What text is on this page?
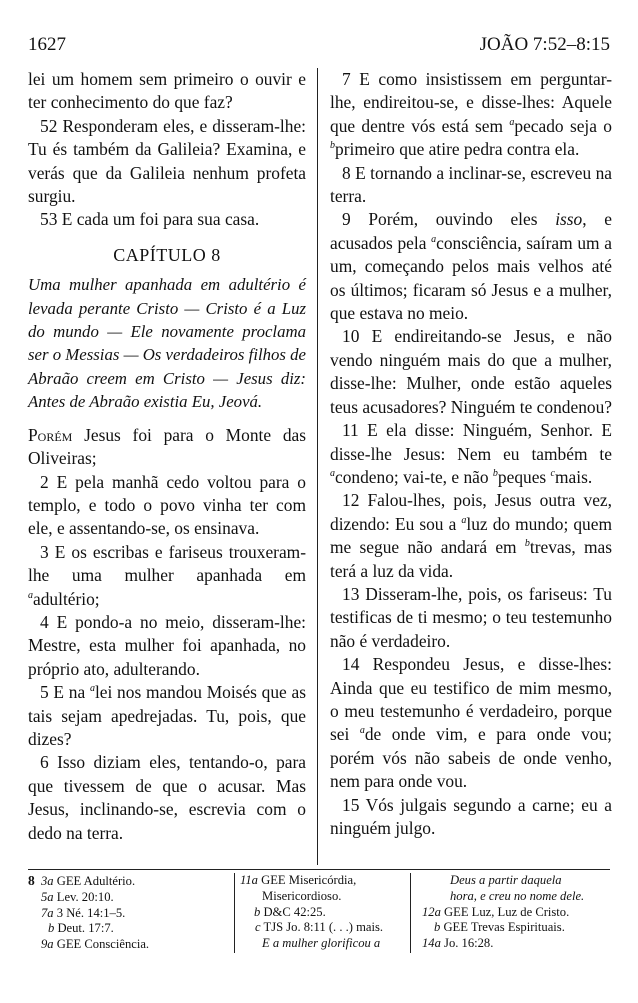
1627	JOÃO 7:52–8:15

lei um homem sem primeiro o ouvir e ter conhecimento do que faz?

52 Responderam eles, e disseram-lhe: Tu és também da Galileia? Examina, e verás que da Galileia nenhum profeta surgiu.

53 E cada um foi para sua casa.

CAPÍTULO 8

Uma mulher apanhada em adultério é levada perante Cristo — Cristo é a Luz do mundo — Ele novamente proclama ser o Messias — Os verdadeiros filhos de Abraão creem em Cristo — Jesus diz: Antes de Abraão existia Eu, Jeová.

Porém Jesus foi para o Monte das Oliveiras;

2 E pela manhã cedo voltou para o templo, e todo o povo vinha ter com ele, e assentando-se, os ensinava.

3 E os escribas e fariseus trouxeram-lhe uma mulher apanhada em $^a$adultério;

4 E pondo-a no meio, disseram-lhe: Mestre, esta mulher foi apanhada, no próprio ato, adulterando.

5 E na $^a$lei nos mandou Moisés que as tais sejam apedrejadas. Tu, pois, que dizes?

6 Isso diziam eles, tentando-o, para que tivessem de que o acusar. Mas Jesus, inclinando-se, escrevia com o dedo na terra.

7 E como insistissem em perguntar-lhe, endireitou-se, e disse-lhes: Aquele que dentre vós está sem $^a$pecado seja o $^b$primeiro que atire pedra contra ela.

8 E tornando a inclinar-se, escreveu na terra.

9 Porém, ouvindo eles isso, e acusados pela $^a$consciência, saíram um a um, começando pelos mais velhos até os últimos; ficaram só Jesus e a mulher, que estava no meio.

10 E endireitando-se Jesus, e não vendo ninguém mais do que a mulher, disse-lhe: Mulher, onde estão aqueles teus acusadores? Ninguém te condenou?

11 E ela disse: Ninguém, Senhor. E disse-lhe Jesus: Nem eu também te $^a$condeno; vai-te, e não $^b$peques $^c$mais.

12 Falou-lhes, pois, Jesus outra vez, dizendo: Eu sou a $^a$luz do mundo; quem me segue não andará em $^b$trevas, mas terá a luz da vida.

13 Disseram-lhe, pois, os fariseus: Tu testificas de ti mesmo; o teu testemunho não é verdadeiro.

14 Respondeu Jesus, e disse-lhes: Ainda que eu testifico de mim mesmo, o meu testemunho é verdadeiro, porque sei $^a$de onde vim, e para onde vou; porém vós não sabeis de onde venho, nem para onde vou.

15 Vós julgais segundo a carne; eu a ninguém julgo.

8 3a GEE Adultério.
5a Lev. 20:10.
7a 3 Né. 14:1–5.
b Deut. 17:7.
9a GEE Consciência.
11a GEE Misericórdia,
Misericordioso.
b D&C 42:25.
c TJS Jo. 8:11 (. . .) mais.
E a mulher glorificou a
Deus a partir daquela
hora, e creu no nome dele.
12a GEE Luz, Luz de Cristo.
b GEE Trevas Espirituais.
14a Jo. 16:28.
